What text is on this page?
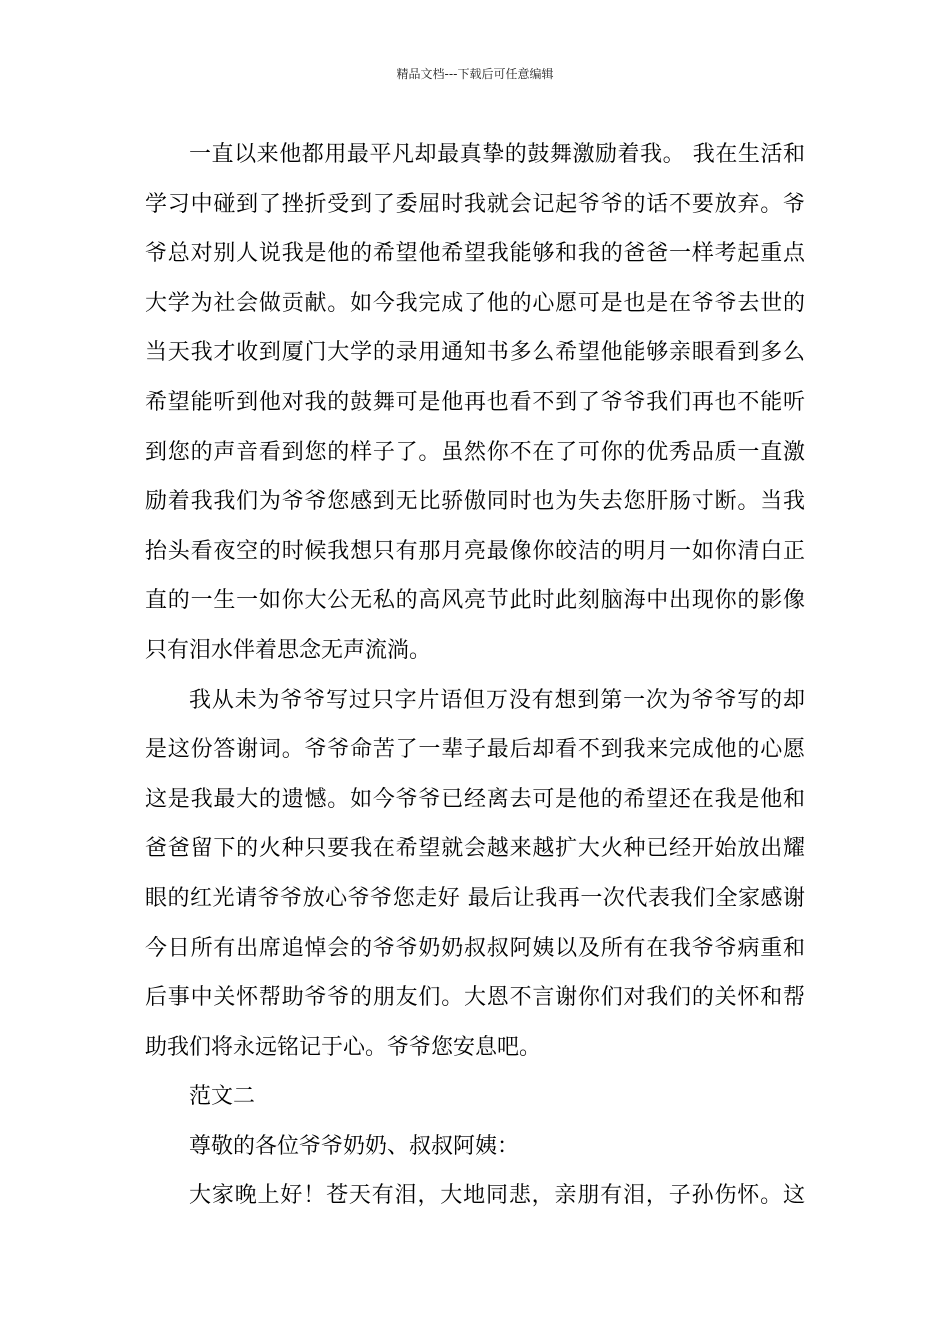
精品文档---下载后可任意编辑
一直以来他都用最平凡却最真挚的鼓舞激励着我。 我在生活和
学习中碰到了挫折受到了委屈时我就会记起爷爷的话不要放弃。爷
爷总对别人说我是他的希望他希望我能够和我的爸爸一样考起重点
大学为社会做贡献。如今我完成了他的心愿可是也是在爷爷去世的
当天我才收到厦门大学的录用通知书多么希望他能够亲眼看到多么
希望能听到他对我的鼓舞可是他再也看不到了爷爷我们再也不能听
到您的声音看到您的样子了。虽然你不在了可你的优秀品质一直激
励着我我们为爷爷您感到无比骄傲同时也为失去您肝肠寸断。当我
抬头看夜空的时候我想只有那月亮最像你皎洁的明月一如你清白正
直的一生一如你大公无私的高风亮节此时此刻脑海中出现你的影像
只有泪水伴着思念无声流淌。
我从未为爷爷写过只字片语但万没有想到第一次为爷爷写的却
是这份答谢词。爷爷命苦了一辈子最后却看不到我来完成他的心愿
这是我最大的遗憾。如今爷爷已经离去可是他的希望还在我是他和
爸爸留下的火种只要我在希望就会越来越扩大火种已经开始放出耀
眼的红光请爷爷放心爷爷您走好 最后让我再一次代表我们全家感谢
今日所有出席追悼会的爷爷奶奶叔叔阿姨以及所有在我爷爷病重和
后事中关怀帮助爷爷的朋友们。大恩不言谢你们对我们的关怀和帮
助我们将永远铭记于心。爷爷您安息吧。
范文二
尊敬的各位爷爷奶奶、叔叔阿姨：
大家晚上好！苍天有泪，大地同悲，亲朋有泪，子孙伤怀。这
